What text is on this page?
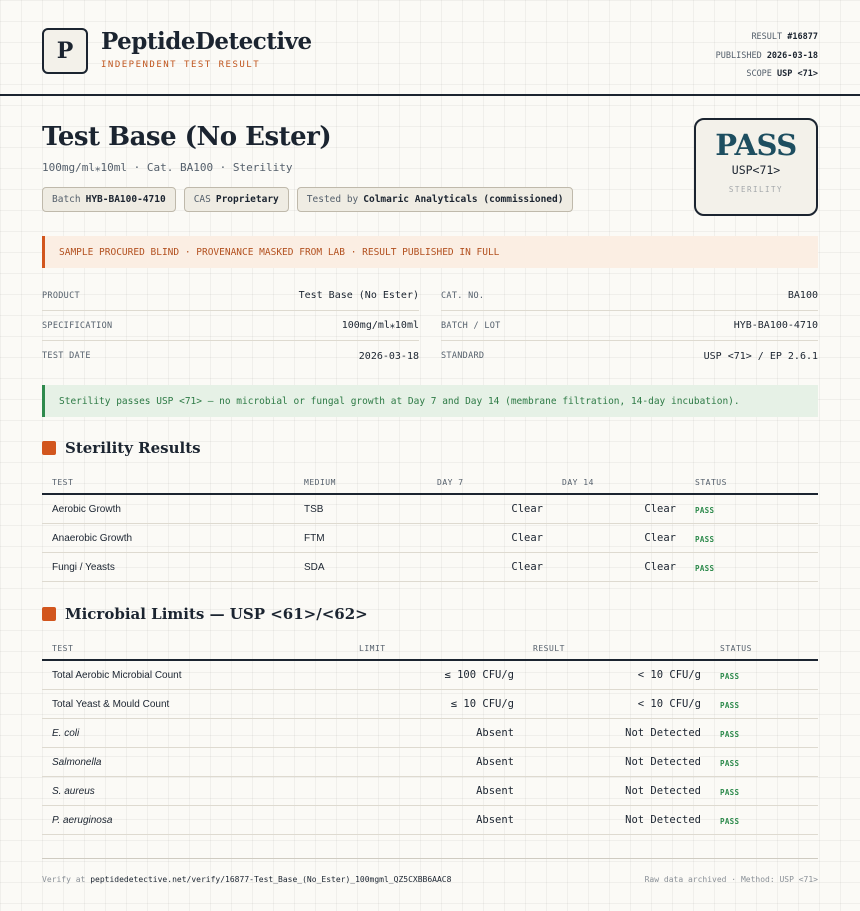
P	PeptideDetective
INDEPENDENT TEST RESULT
RESULT #16877
PUBLISHED 2026-03-18
SCOPE USP <71>
Test Base (No Ester)
100mg/ml⁎10ml · Cat. BA100 · Sterility
Batch HYB-BA100-4710	CAS Proprietary	Tested by Colmaric Analyticals (commissioned)
PASS
USP<71>
STERILITY
SAMPLE PROCURED BLIND · PROVENANCE MASKED FROM LAB · RESULT PUBLISHED IN FULL
PRODUCT	Test Base (No Ester)
SPECIFICATION	100mg/ml⁎10ml
TEST DATE	2026-03-18
CAT. NO.	BA100
BATCH / LOT	HYB-BA100-4710
STANDARD	USP <71> / EP 2.6.1
Sterility passes USP <71> — no microbial or fungal growth at Day 7 and Day 14 (membrane filtration, 14-day incubation).
Sterility Results
TEST	MEDIUM	DAY 7	DAY 14	STATUS
Aerobic Growth	TSB	Clear	Clear	PASS
Anaerobic Growth	FTM	Clear	Clear	PASS
Fungi / Yeasts	SDA	Clear	Clear	PASS
Microbial Limits — USP <61>/<62>
TEST	LIMIT	RESULT	STATUS
Total Aerobic Microbial Count	≤ 100 CFU/g	< 10 CFU/g	PASS
Total Yeast & Mould Count	≤ 10 CFU/g	< 10 CFU/g	PASS
E. coli	Absent	Not Detected	PASS
Salmonella	Absent	Not Detected	PASS
S. aureus	Absent	Not Detected	PASS
P. aeruginosa	Absent	Not Detected	PASS
Verify at peptidedetective.net/verify/16877-Test_Base_(No_Ester)_100mgml_QZ5CXBB6AAC8	Raw data archived · Method: USP <71>
